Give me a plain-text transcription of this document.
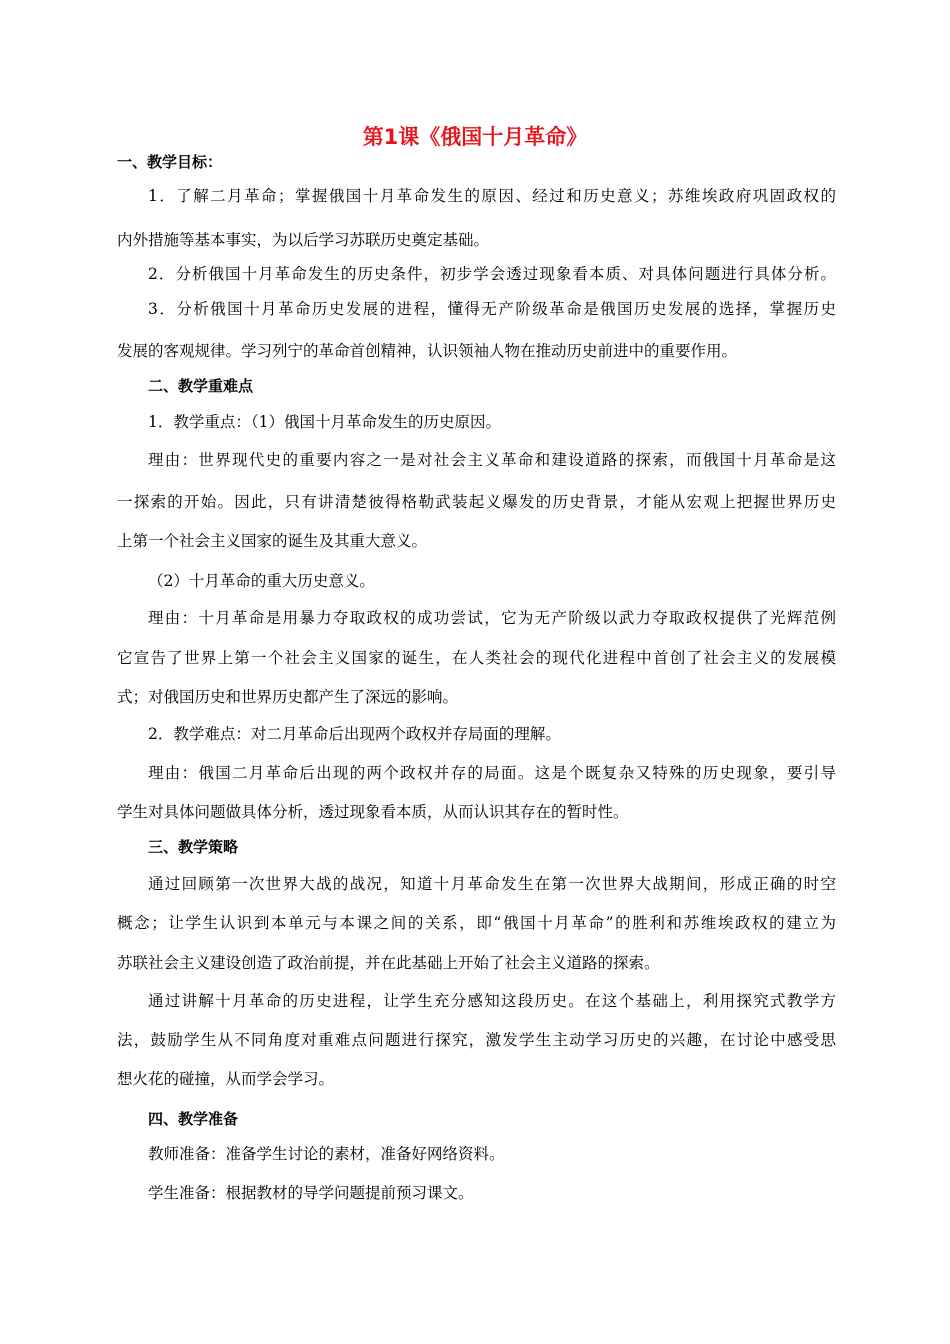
第1课《俄国十月革命》
一、教学目标：
1．了解二月革命；掌握俄国十月革命发生的原因、经过和历史意义；苏维埃政府巩固政权的
内外措施等基本事实，为以后学习苏联历史奠定基础。
2．分析俄国十月革命发生的历史条件，初步学会透过现象看本质、对具体问题进行具体分析。
3．分析俄国十月革命历史发展的进程，懂得无产阶级革命是俄国历史发展的选择，掌握历史
发展的客观规律。学习列宁的革命首创精神，认识领袖人物在推动历史前进中的重要作用。
二、教学重难点
1．教学重点：（1）俄国十月革命发生的历史原因。
理由：世界现代史的重要内容之一是对社会主义革命和建设道路的探索，而俄国十月革命是这
一探索的开始。因此，只有讲清楚彼得格勒武装起义爆发的历史背景，才能从宏观上把握世界历史
上第一个社会主义国家的诞生及其重大意义。
（2）十月革命的重大历史意义。
理由：十月革命是用暴力夺取政权的成功尝试，它为无产阶级以武力夺取政权提供了光辉范例
它宣告了世界上第一个社会主义国家的诞生，在人类社会的现代化进程中首创了社会主义的发展模
式；对俄国历史和世界历史都产生了深远的影响。
2．教学难点：对二月革命后出现两个政权并存局面的理解。
理由：俄国二月革命后出现的两个政权并存的局面。这是个既复杂又特殊的历史现象，要引导
学生对具体问题做具体分析，透过现象看本质，从而认识其存在的暂时性。
三、教学策略
通过回顾第一次世界大战的战况，知道十月革命发生在第一次世界大战期间，形成正确的时空
概念；让学生认识到本单元与本课之间的关系，即“俄国十月革命”的胜利和苏维埃政权的建立为
苏联社会主义建设创造了政治前提，并在此基础上开始了社会主义道路的探索。
通过讲解十月革命的历史进程，让学生充分感知这段历史。在这个基础上，利用探究式教学方
法，鼓励学生从不同角度对重难点问题进行探究，激发学生主动学习历史的兴趣，在讨论中感受思
想火花的碰撞，从而学会学习。
四、教学准备
教师准备：准备学生讨论的素材，准备好网络资料。
学生准备：根据教材的导学问题提前预习课文。
